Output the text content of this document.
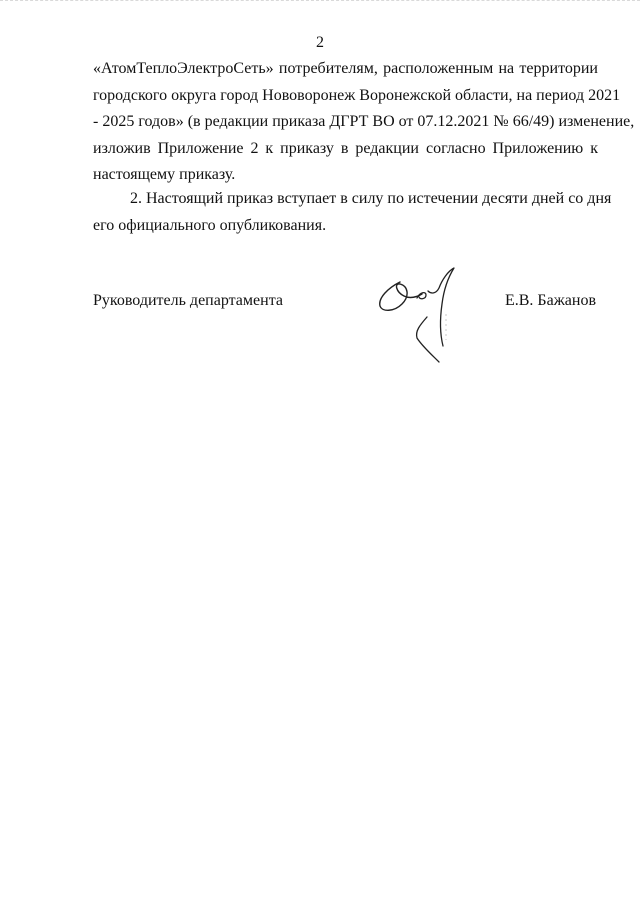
2
«АтомТеплоЭлектроСеть» потребителям, расположенным на территории
городского округа город Нововоронеж Воронежской области, на период 2021
- 2025 годов» (в редакции приказа ДГРТ ВО от 07.12.2021 № 66/49) изменение,
изложив Приложение 2 к приказу в редакции согласно Приложению к
настоящему приказу.
2. Настоящий приказ вступает в силу по истечении десяти дней со дня
его официального опубликования.
Руководитель департамента	Е.В. Бажанов
